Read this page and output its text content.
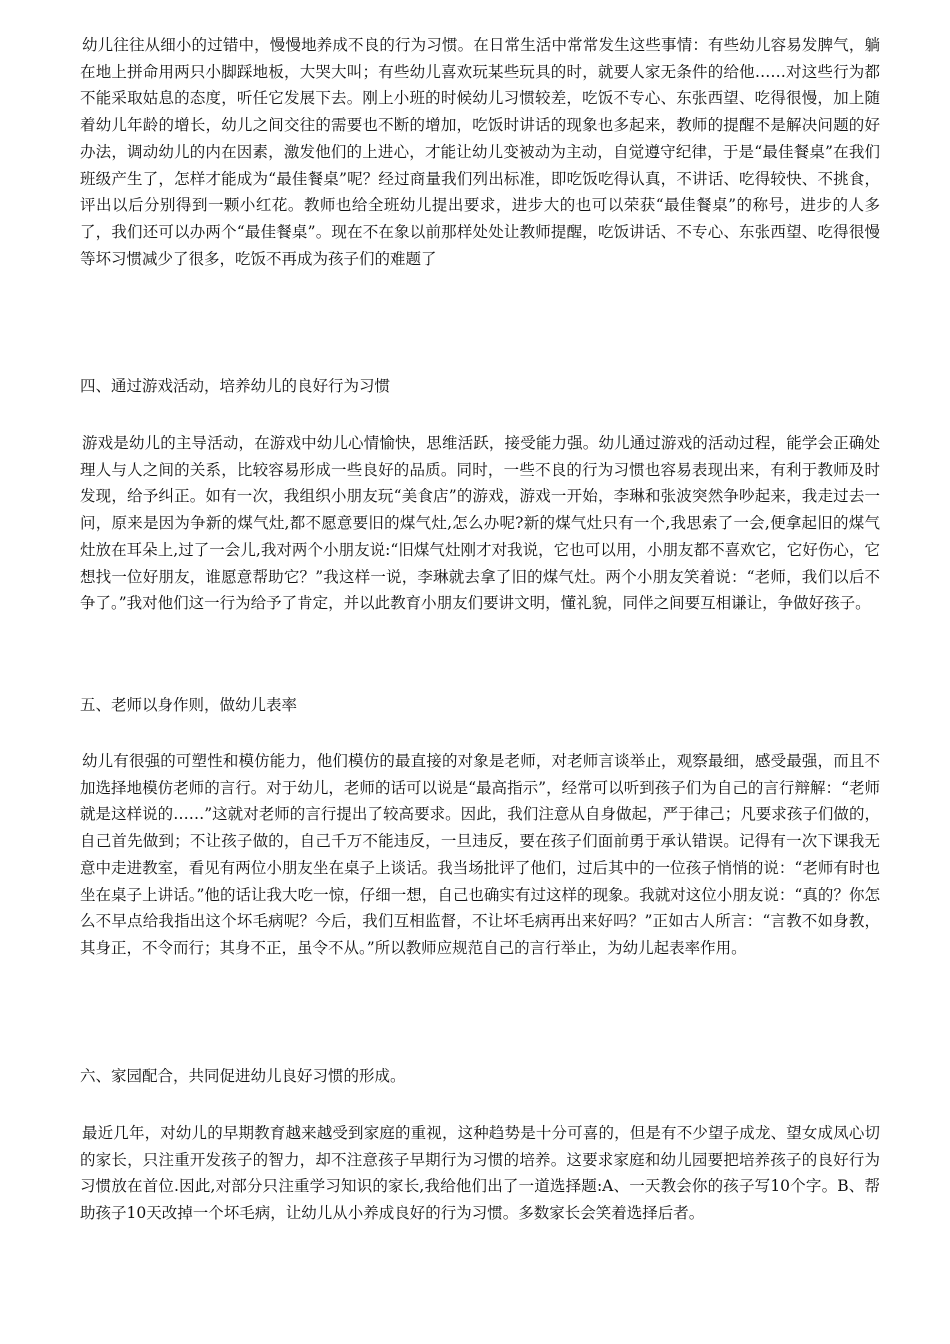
幼儿往往从细小的过错中，慢慢地养成不良的行为习惯。在日常生活中常常发生这些事情：有些幼儿容易发脾气，躺在地上拼命用两只小脚踩地板，大哭大叫；有些幼儿喜欢玩某些玩具的时，就要人家无条件的给他……对这些行为都不能采取姑息的态度，听任它发展下去。刚上小班的时候幼儿习惯较差，吃饭不专心、东张西望、吃得很慢，加上随着幼儿年龄的增长，幼儿之间交往的需要也不断的增加，吃饭时讲话的现象也多起来，教师的提醒不是解决问题的好办法，调动幼儿的内在因素，激发他们的上进心，才能让幼儿变被动为主动，自觉遵守纪律，于是“最佳餐桌”在我们班级产生了，怎样才能成为“最佳餐桌”呢？经过商量我们列出标准，即吃饭吃得认真，不讲话、吃得较快、不挑食，评出以后分别得到一颗小红花。教师也给全班幼儿提出要求，进步大的也可以荣获“最佳餐桌”的称号，进步的人多了，我们还可以办两个“最佳餐桌”。现在不在象以前那样处处让教师提醒，吃饭讲话、不专心、东张西望、吃得很慢等坏习惯减少了很多，吃饭不再成为孩子们的难题了

四、通过游戏活动，培养幼儿的良好行为习惯

游戏是幼儿的主导活动，在游戏中幼儿心情愉快，思维活跃，接受能力强。幼儿通过游戏的活动过程，能学会正确处理人与人之间的关系，比较容易形成一些良好的品质。同时，一些不良的行为习惯也容易表现出来，有利于教师及时发现，给予纠正。如有一次，我组织小朋友玩“美食店”的游戏，游戏一开始，李琳和张波突然争吵起来，我走过去一问，原来是因为争新的煤气灶,都不愿意要旧的煤气灶,怎么办呢?新的煤气灶只有一个,我思索了一会,便拿起旧的煤气灶放在耳朵上,过了一会儿,我对两个小朋友说:“旧煤气灶刚才对我说，它也可以用，小朋友都不喜欢它，它好伤心，它想找一位好朋友，谁愿意帮助它？”我这样一说，李琳就去拿了旧的煤气灶。两个小朋友笑着说：“老师，我们以后不争了。”我对他们这一行为给予了肯定，并以此教育小朋友们要讲文明，懂礼貌，同伴之间要互相谦让，争做好孩子。

五、老师以身作则，做幼儿表率

幼儿有很强的可塑性和模仿能力，他们模仿的最直接的对象是老师，对老师言谈举止，观察最细，感受最强，而且不加选择地模仿老师的言行。对于幼儿，老师的话可以说是“最高指示”，经常可以听到孩子们为自己的言行辩解：“老师就是这样说的……”这就对老师的言行提出了较高要求。因此，我们注意从自身做起，严于律己；凡要求孩子们做的，自己首先做到；不让孩子做的，自己千万不能违反，一旦违反，要在孩子们面前勇于承认错误。记得有一次下课我无意中走进教室，看见有两位小朋友坐在桌子上谈话。我当场批评了他们，过后其中的一位孩子悄悄的说：“老师有时也坐在桌子上讲话。”他的话让我大吃一惊，仔细一想，自己也确实有过这样的现象。我就对这位小朋友说：“真的？你怎么不早点给我指出这个坏毛病呢？今后，我们互相监督，不让坏毛病再出来好吗？”正如古人所言：“言教不如身教，其身正，不令而行；其身不正，虽令不从。”所以教师应规范自己的言行举止，为幼儿起表率作用。

六、家园配合，共同促进幼儿良好习惯的形成。

最近几年，对幼儿的早期教育越来越受到家庭的重视，这种趋势是十分可喜的，但是有不少望子成龙、望女成凤心切的家长，只注重开发孩子的智力，却不注意孩子早期行为习惯的培养。这要求家庭和幼儿园要把培养孩子的良好行为习惯放在首位.因此,对部分只注重学习知识的家长,我给他们出了一道选择题:A、一天教会你的孩子写10个字。B、帮助孩子10天改掉一个坏毛病，让幼儿从小养成良好的行为习惯。多数家长会笑着选择后者。
